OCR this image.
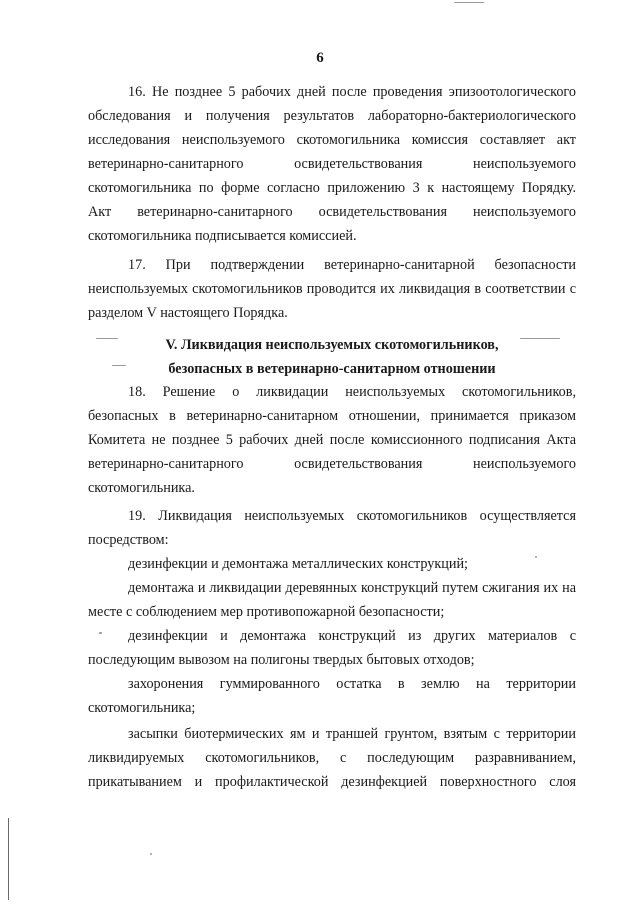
6
16. Не позднее 5 рабочих дней после проведения эпизоотологического
обследования и получения результатов лабораторно-бактериологического
исследования неиспользуемого скотомогильника комиссия составляет акт
ветеринарно-санитарного освидетельствования неиспользуемого
скотомогильника по форме согласно приложению 3 к настоящему Порядку.
Акт ветеринарно-санитарного освидетельствования неиспользуемого
скотомогильника подписывается комиссией.
17. При подтверждении ветеринарно-санитарной безопасности
неиспользуемых скотомогильников проводится их ликвидация в соответствии с
разделом V настоящего Порядка.
V. Ликвидация неиспользуемых скотомогильников,
безопасных в ветеринарно-санитарном отношении
18. Решение о ликвидации неиспользуемых скотомогильников,
безопасных в ветеринарно-санитарном отношении, принимается приказом
Комитета не позднее 5 рабочих дней после комиссионного подписания Акта
ветеринарно-санитарного освидетельствования неиспользуемого
скотомогильника.
19. Ликвидация неиспользуемых скотомогильников осуществляется
посредством:
дезинфекции и демонтажа металлических конструкций;
демонтажа и ликвидации деревянных конструкций путем сжигания их на
месте с соблюдением мер противопожарной безопасности;
дезинфекции и демонтажа конструкций из других материалов с
последующим вывозом на полигоны твердых бытовых отходов;
захоронения гуммированного остатка в землю на территории
скотомогильника;
засыпки биотермических ям и траншей грунтом, взятым с территории
ликвидируемых скотомогильников, с последующим разравниванием,
прикатыванием и профилактической дезинфекцией поверхностного слоя
